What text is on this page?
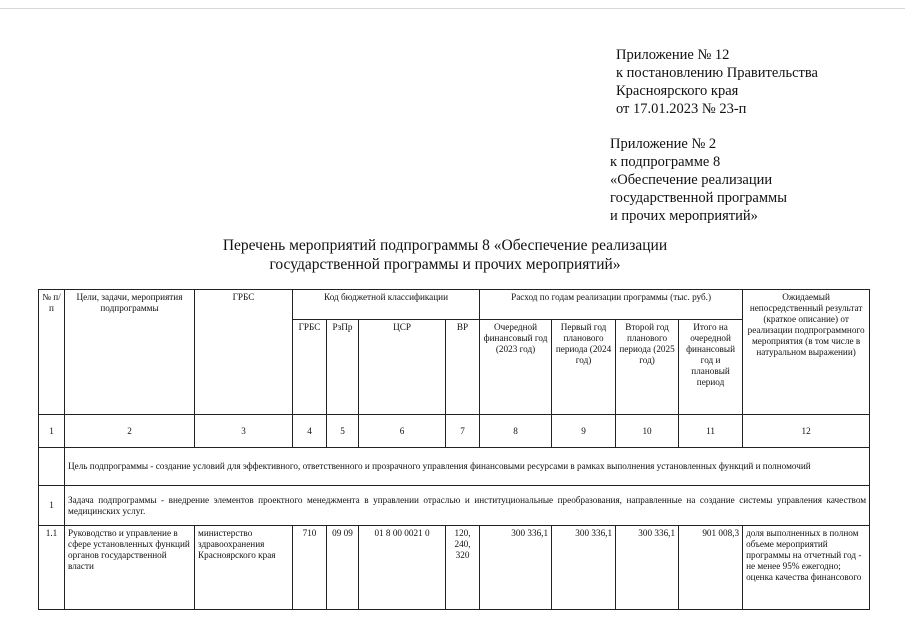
Приложение № 12
к постановлению Правительства
Красноярского края
от 17.01.2023 № 23-п
Приложение № 2
к подпрограмме 8
«Обеспечение реализации
государственной программы
и прочих мероприятий»
Перечень мероприятий подпрограммы 8 «Обеспечение реализации
государственной программы и прочих мероприятий»
№ п/п	Цели, задачи, мероприятия подпрограммы	ГРБС	Код бюджетной классификации				Расход по годам реализации программы (тыс. руб.)				Ожидаемый непосредственный результат (краткое описание) от реализации подпрограммного мероприятия (в том числе в натуральном выражении)
			ГРБС	РзПр	ЦСР	ВР	Очередной финансовый год (2023 год)	Первый год планового периода (2024 год)	Второй год планового периода (2025 год)	Итого на очередной финансовый год и плановый период	
1	2	3	4	5	6	7	8	9	10	11	12
	Цель подпрограммы - создание условий для эффективного, ответственного и прозрачного управления финансовыми ресурсами в рамках выполнения установленных функций и полномочий										
1	Задача подпрограммы - внедрение элементов проектного менеджмента в управлении отраслью и институциональные преобразования, направленные на создание системы управления качеством медицинских услуг.										
1.1	Руководство и управление в сфере установленных функций органов государственной власти	министерство здравоохранения Красноярского края	710	09 09	01 8 00 0021 0	120, 240, 320	300 336,1	300 336,1	300 336,1	901 008,3	доля выполненных в полном объеме мероприятий программы на отчетный год - не менее 95% ежегодно; оценка качества финансового
